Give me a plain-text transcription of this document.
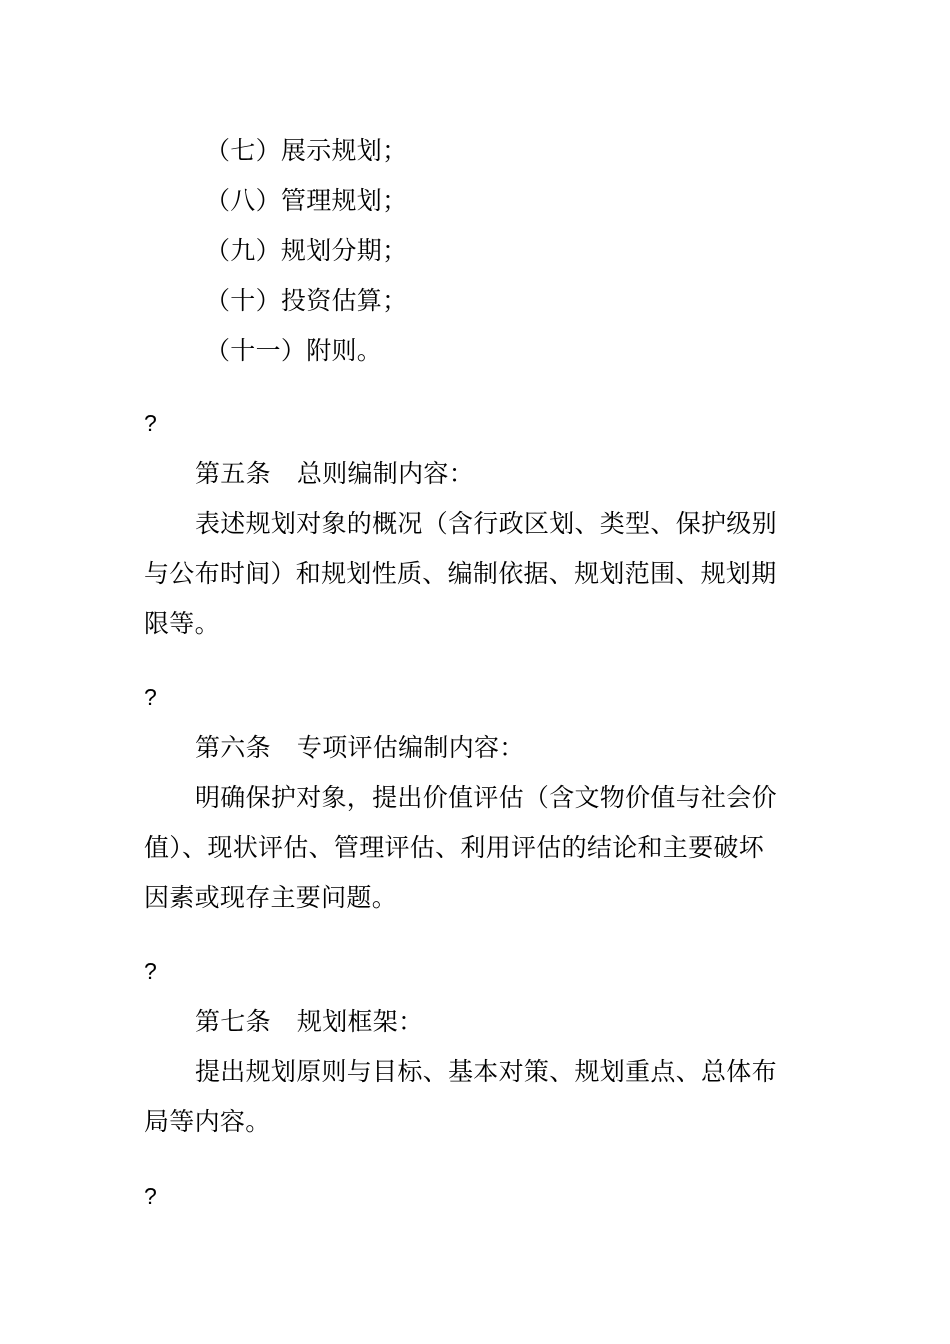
（七）展示规划；
（八）管理规划；
（九）规划分期；
（十）投资估算；
（十一）附则。
?
第五条 总则编制内容：
表述规划对象的概况（含行政区划、类型、保护级别
与公布时间）和规划性质、编制依据、规划范围、规划期
限等。
?
第六条 专项评估编制内容：
明确保护对象，提出价值评估（含文物价值与社会价
值）、现状评估、管理评估、利用评估的结论和主要破坏
因素或现存主要问题。
?
第七条 规划框架：
提出规划原则与目标、基本对策、规划重点、总体布
局等内容。
?
